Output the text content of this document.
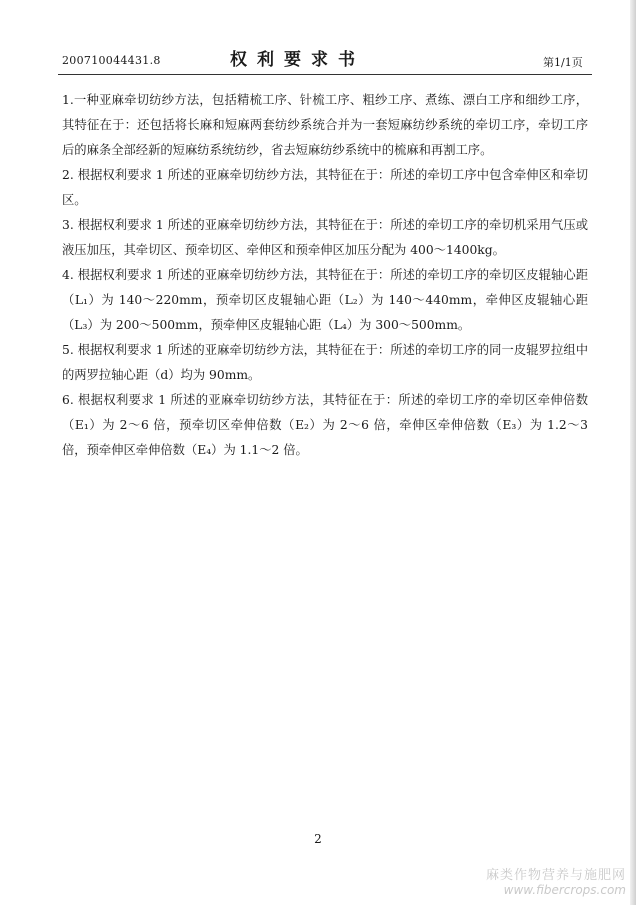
200710044431.8	权利要求书	第1/1页

1.一种亚麻牵切纺纱方法，包括精梳工序、针梳工序、粗纱工序、煮练、漂白工序和细纱工序，其特征在于：还包括将长麻和短麻两套纺纱系统合并为一套短麻纺纱系统的牵切工序，牵切工序后的麻条全部经新的短麻纺系统纺纱，省去短麻纺纱系统中的梳麻和再割工序。

2. 根据权利要求 1 所述的亚麻牵切纺纱方法，其特征在于：所述的牵切工序中包含牵伸区和牵切区。

3. 根据权利要求 1 所述的亚麻牵切纺纱方法，其特征在于：所述的牵切工序的牵切机采用气压或液压加压，其牵切区、预牵切区、牵伸区和预牵伸区加压分配为 400～1400kg。

4. 根据权利要求 1 所述的亚麻牵切纺纱方法，其特征在于：所述的牵切工序的牵切区皮辊轴心距（L₁）为 140～220mm，预牵切区皮辊轴心距（L₂）为 140～440mm，牵伸区皮辊轴心距（L₃）为 200～500mm，预牵伸区皮辊轴心距（L₄）为 300～500mm。

5. 根据权利要求 1 所述的亚麻牵切纺纱方法，其特征在于：所述的牵切工序的同一皮辊罗拉组中的两罗拉轴心距（d）均为 90mm。

6. 根据权利要求 1 所述的亚麻牵切纺纱方法，其特征在于：所述的牵切工序的牵切区牵伸倍数（E₁）为 2～6 倍，预牵切区牵伸倍数（E₂）为 2～6 倍，牵伸区牵伸倍数（E₃）为 1.2～3 倍，预牵伸区牵伸倍数（E₄）为 1.1～2 倍。

2
麻类作物营养与施肥网
www.fibercrops.com
